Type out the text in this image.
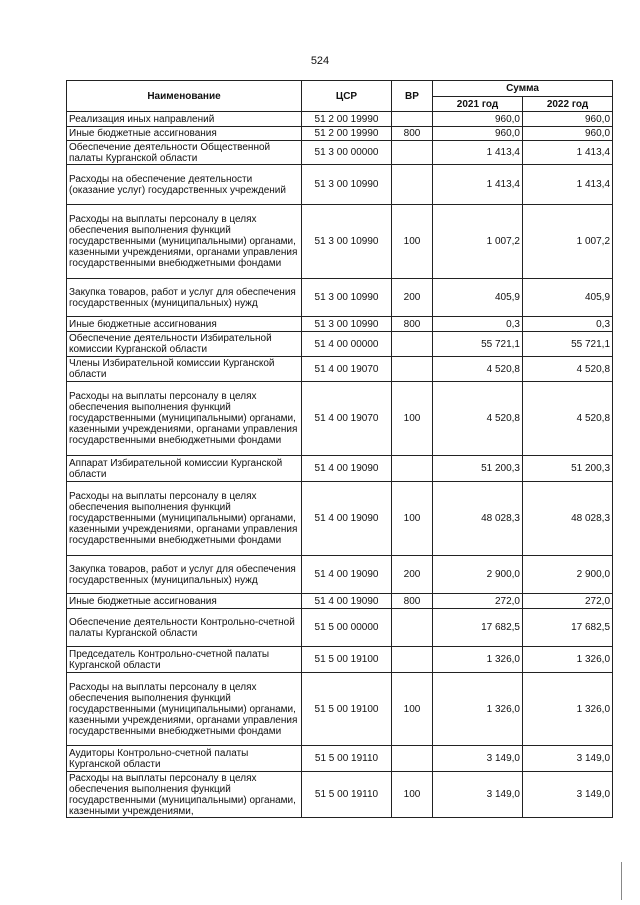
524
Наименование	ЦСР	ВР	Сумма	
			2021 год	2022 год
Реализация иных направлений	51 2 00 19990		960,0	960,0
Иные бюджетные ассигнования	51 2 00 19990	800	960,0	960,0
Обеспечение деятельности Общественной палаты Курганской области	51 3 00 00000		1 413,4	1 413,4
Расходы на обеспечение деятельности (оказание услуг) государственных учреждений	51 3 00 10990		1 413,4	1 413,4
Расходы на выплаты персоналу в целях обеспечения выполнения функций государственными (муниципальными) органами, казенными учреждениями, органами управления государственными внебюджетными фондами	51 3 00 10990	100	1 007,2	1 007,2
Закупка товаров, работ и услуг для обеспечения государственных (муниципальных) нужд	51 3 00 10990	200	405,9	405,9
Иные бюджетные ассигнования	51 3 00 10990	800	0,3	0,3
Обеспечение деятельности Избирательной комиссии Курганской области	51 4 00 00000		55 721,1	55 721,1
Члены Избирательной комиссии Курганской области	51 4 00 19070		4 520,8	4 520,8
Расходы на выплаты персоналу в целях обеспечения выполнения функций государственными (муниципальными) органами, казенными учреждениями, органами управления государственными внебюджетными фондами	51 4 00 19070	100	4 520,8	4 520,8
Аппарат Избирательной комиссии Курганской области	51 4 00 19090		51 200,3	51 200,3
Расходы на выплаты персоналу в целях обеспечения выполнения функций государственными (муниципальными) органами, казенными учреждениями, органами управления государственными внебюджетными фондами	51 4 00 19090	100	48 028,3	48 028,3
Закупка товаров, работ и услуг для обеспечения государственных (муниципальных) нужд	51 4 00 19090	200	2 900,0	2 900,0
Иные бюджетные ассигнования	51 4 00 19090	800	272,0	272,0
Обеспечение деятельности Контрольно-счетной палаты Курганской области	51 5 00 00000		17 682,5	17 682,5
Председатель Контрольно-счетной палаты Курганской области	51 5 00 19100		1 326,0	1 326,0
Расходы на выплаты персоналу в целях обеспечения выполнения функций государственными (муниципальными) органами, казенными учреждениями, органами управления государственными внебюджетными фондами	51 5 00 19100	100	1 326,0	1 326,0
Аудиторы Контрольно-счетной палаты Курганской области	51 5 00 19110		3 149,0	3 149,0
Расходы на выплаты персоналу в целях обеспечения выполнения функций государственными (муниципальными) органами, казенными учреждениями,	51 5 00 19110	100	3 149,0	3 149,0
